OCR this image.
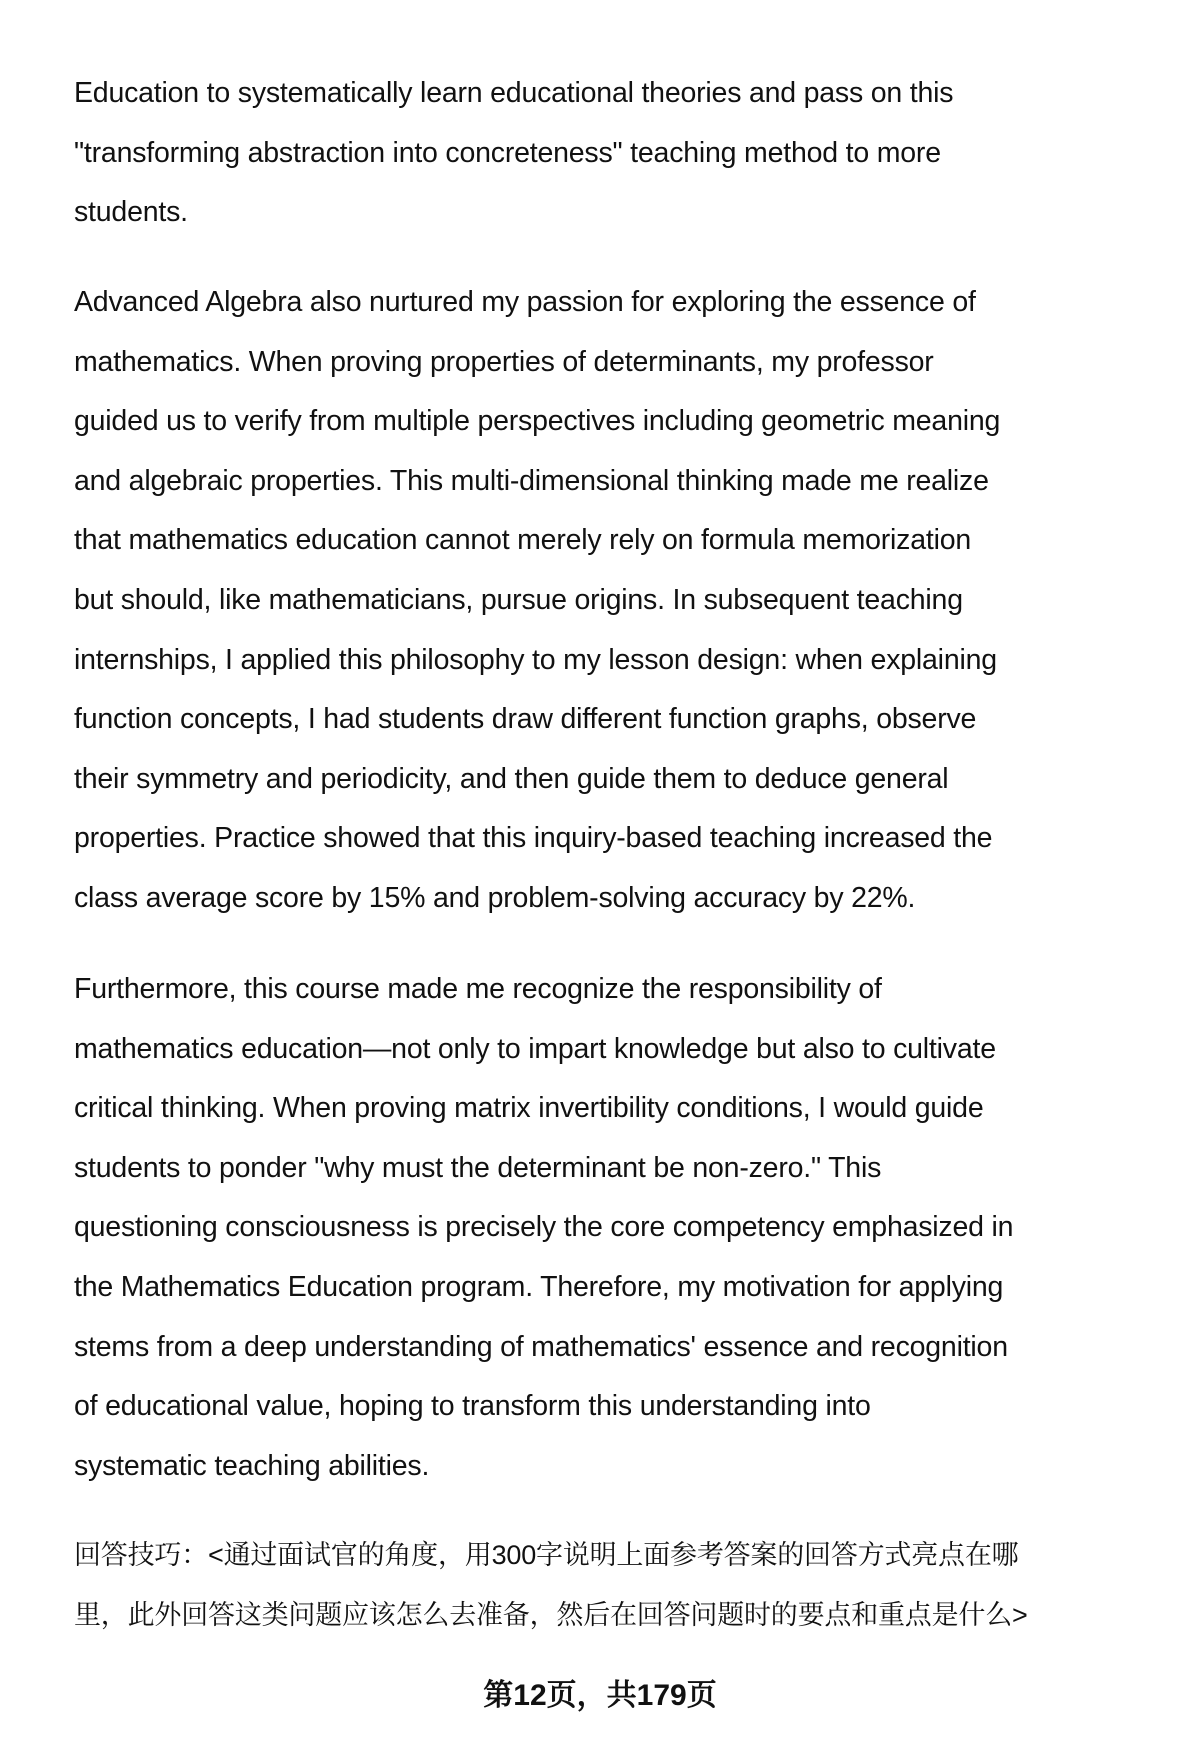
Education to systematically learn educational theories and pass on this
"transforming abstraction into concreteness" teaching method to more
students.
Advanced Algebra also nurtured my passion for exploring the essence of
mathematics. When proving properties of determinants, my professor
guided us to verify from multiple perspectives including geometric meaning
and algebraic properties. This multi-dimensional thinking made me realize
that mathematics education cannot merely rely on formula memorization
but should, like mathematicians, pursue origins. In subsequent teaching
internships, I applied this philosophy to my lesson design: when explaining
function concepts, I had students draw different function graphs, observe
their symmetry and periodicity, and then guide them to deduce general
properties. Practice showed that this inquiry-based teaching increased the
class average score by 15% and problem-solving accuracy by 22%.
Furthermore, this course made me recognize the responsibility of
mathematics education—not only to impart knowledge but also to cultivate
critical thinking. When proving matrix invertibility conditions, I would guide
students to ponder "why must the determinant be non-zero." This
questioning consciousness is precisely the core competency emphasized in
the Mathematics Education program. Therefore, my motivation for applying
stems from a deep understanding of mathematics' essence and recognition
of educational value, hoping to transform this understanding into
systematic teaching abilities.
回答技巧：<通过面试官的角度，用300字说明上面参考答案的回答方式亮点在哪
里，此外回答这类问题应该怎么去准备，然后在回答问题时的要点和重点是什么>
第12页，共179页
